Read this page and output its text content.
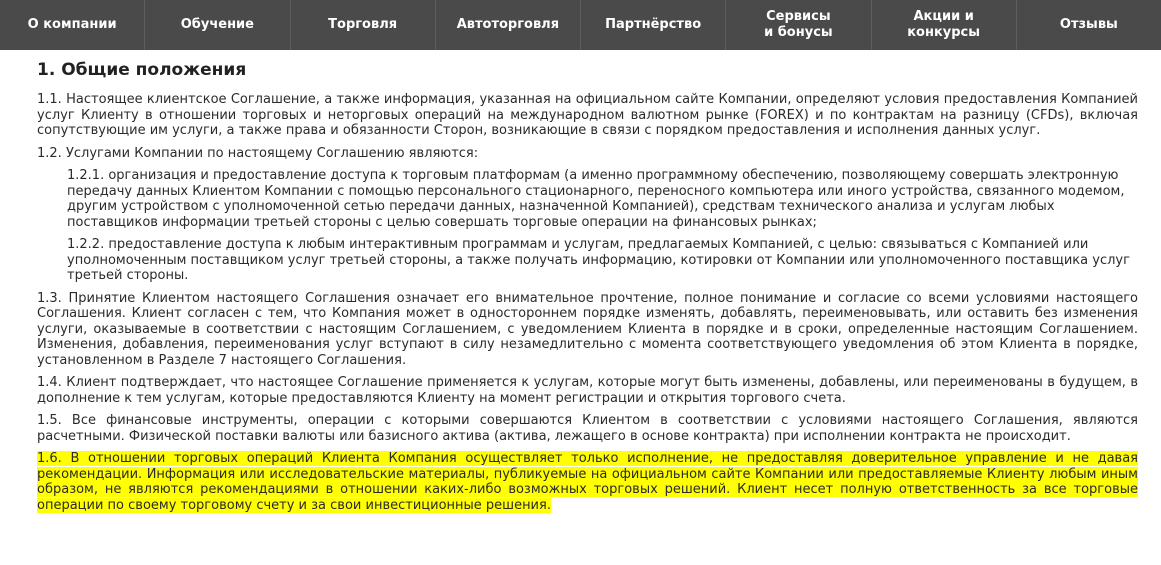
О компании	Обучение	Торговля	Автоторговля	Партнёрство
Сервисы
и бонусы
Акции и
конкурсы
Отзывы
1. Общие положения

1.1. Настоящее клиентское Соглашение, а также информация, указанная на официальном сайте Компании, определяют условия предоставления Компанией услуг Клиенту в отношении торговых и неторговых операций на международном валютном рынке (FOREX) и по контрактам на разницу (CFDs), включая сопутствующие им услуги, а также права и обязанности Сторон, возникающие в связи с порядком предоставления и исполнения данных услуг.

1.2. Услугами Компании по настоящему Соглашению являются:

1.2.1. организация и предоставление доступа к торговым платформам (а именно программному обеспечению, позволяющему совершать электронную передачу данных Клиентом Компании с помощью персонального стационарного, переносного компьютера или иного устройства, связанного модемом, другим устройством с уполномоченной сетью передачи данных, назначенной Компанией), средствам технического анализа и услугам любых поставщиков информации третьей стороны с целью совершать торговые операции на финансовых рынках;

1.2.2. предоставление доступа к любым интерактивным программам и услугам, предлагаемых Компанией, с целью: связываться с Компанией или уполномоченным поставщиком услуг третьей стороны, а также получать информацию, котировки от Компании или уполномоченного поставщика услуг третьей стороны.

1.3. Принятие Клиентом настоящего Соглашения означает его внимательное прочтение, полное понимание и согласие со всеми условиями настоящего Соглашения. Клиент согласен с тем, что Компания может в одностороннем порядке изменять, добавлять, переименовывать, или оставить без изменения услуги, оказываемые в соответствии с настоящим Соглашением, с уведомлением Клиента в порядке и в сроки, определенные настоящим Соглашением. Изменения, добавления, переименования услуг вступают в силу незамедлительно с момента соответствующего уведомления об этом Клиента в порядке, установленном в Разделе 7 настоящего Соглашения.

1.4. Клиент подтверждает, что настоящее Соглашение применяется к услугам, которые могут быть изменены, добавлены, или переименованы в будущем, в дополнение к тем услугам, которые предоставляются Клиенту на момент регистрации и открытия торгового счета.

1.5. Все финансовые инструменты, операции с которыми совершаются Клиентом в соответствии с условиями настоящего Соглашения, являются расчетными. Физической поставки валюты или базисного актива (актива, лежащего в основе контракта) при исполнении контракта не происходит.

1.6. В отношении торговых операций Клиента Компания осуществляет только исполнение, не предоставляя доверительное управление и не давая рекомендации. Информация или исследовательские материалы, публикуемые на официальном сайте Компании или предоставляемые Клиенту любым иным образом, не являются рекомендациями в отношении каких-либо возможных торговых решений. Клиент несет полную ответственность за все торговые операции по своему торговому счету и за свои инвестиционные решения.
